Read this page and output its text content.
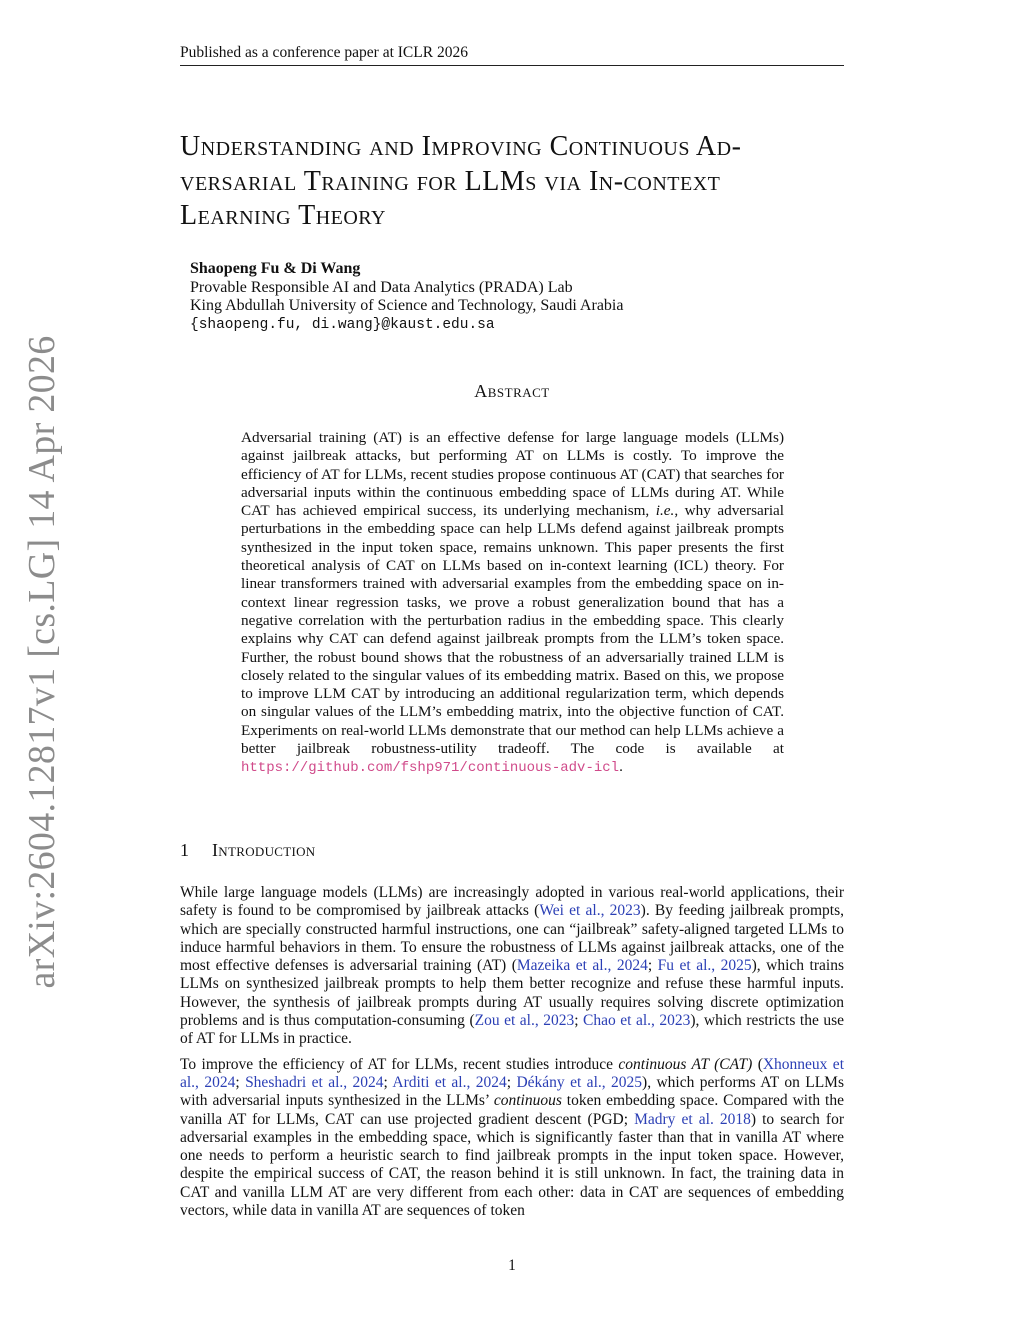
Published as a conference paper at ICLR 2026
arXiv:2604.12817v1 [cs.LG] 14 Apr 2026
Understanding and Improving Continuous Ad-
versarial Training for LLMs via In-context
Learning Theory
Shaopeng Fu & Di Wang
Provable Responsible AI and Data Analytics (PRADA) Lab
King Abdullah University of Science and Technology, Saudi Arabia
{shaopeng.fu, di.wang}@kaust.edu.sa
Abstract

Adversarial training (AT) is an effective defense for large language models (LLMs) against jailbreak attacks, but performing AT on LLMs is costly. To improve the efficiency of AT for LLMs, recent studies propose continuous AT (CAT) that searches for adversarial inputs within the continuous embedding space of LLMs during AT. While CAT has achieved empirical success, its underlying mechanism, i.e., why adversarial perturbations in the embedding space can help LLMs defend against jailbreak prompts synthesized in the input token space, remains unknown. This paper presents the first theoretical analysis of CAT on LLMs based on in-context learning (ICL) theory. For linear transformers trained with adversarial examples from the embedding space on in-context linear regression tasks, we prove a robust generalization bound that has a negative correlation with the perturbation radius in the embedding space. This clearly explains why CAT can defend against jailbreak prompts from the LLM’s token space. Further, the robust bound shows that the robustness of an adversarially trained LLM is closely related to the singular values of its embedding matrix. Based on this, we propose to improve LLM CAT by introducing an additional regularization term, which depends on singular values of the LLM’s embedding matrix, into the objective function of CAT. Experiments on real-world LLMs demonstrate that our method can help LLMs achieve a better jailbreak robustness-utility tradeoff. The code is available at https://github.com/fshp971/continuous-adv-icl.

1 Introduction

While large language models (LLMs) are increasingly adopted in various real-world applications, their safety is found to be compromised by jailbreak attacks (Wei et al., 2023). By feeding jailbreak prompts, which are specially constructed harmful instructions, one can “jailbreak” safety-aligned targeted LLMs to induce harmful behaviors in them. To ensure the robustness of LLMs against jailbreak attacks, one of the most effective defenses is adversarial training (AT) (Mazeika et al., 2024; Fu et al., 2025), which trains LLMs on synthesized jailbreak prompts to help them better recognize and refuse these harmful inputs. However, the synthesis of jailbreak prompts during AT usually requires solving discrete optimization problems and is thus computation-consuming (Zou et al., 2023; Chao et al., 2023), which restricts the use of AT for LLMs in practice.

To improve the efficiency of AT for LLMs, recent studies introduce continuous AT (CAT) (Xhonneux et al., 2024; Sheshadri et al., 2024; Arditi et al., 2024; Dékány et al., 2025), which performs AT on LLMs with adversarial inputs synthesized in the LLMs’ continuous token embedding space. Compared with the vanilla AT for LLMs, CAT can use projected gradient descent (PGD; Madry et al. 2018) to search for adversarial examples in the embedding space, which is significantly faster than that in vanilla AT where one needs to perform a heuristic search to find jailbreak prompts in the input token space. However, despite the empirical success of CAT, the reason behind it is still unknown. In fact, the training data in CAT and vanilla LLM AT are very different from each other: data in CAT are sequences of embedding vectors, while data in vanilla AT are sequences of token

1
